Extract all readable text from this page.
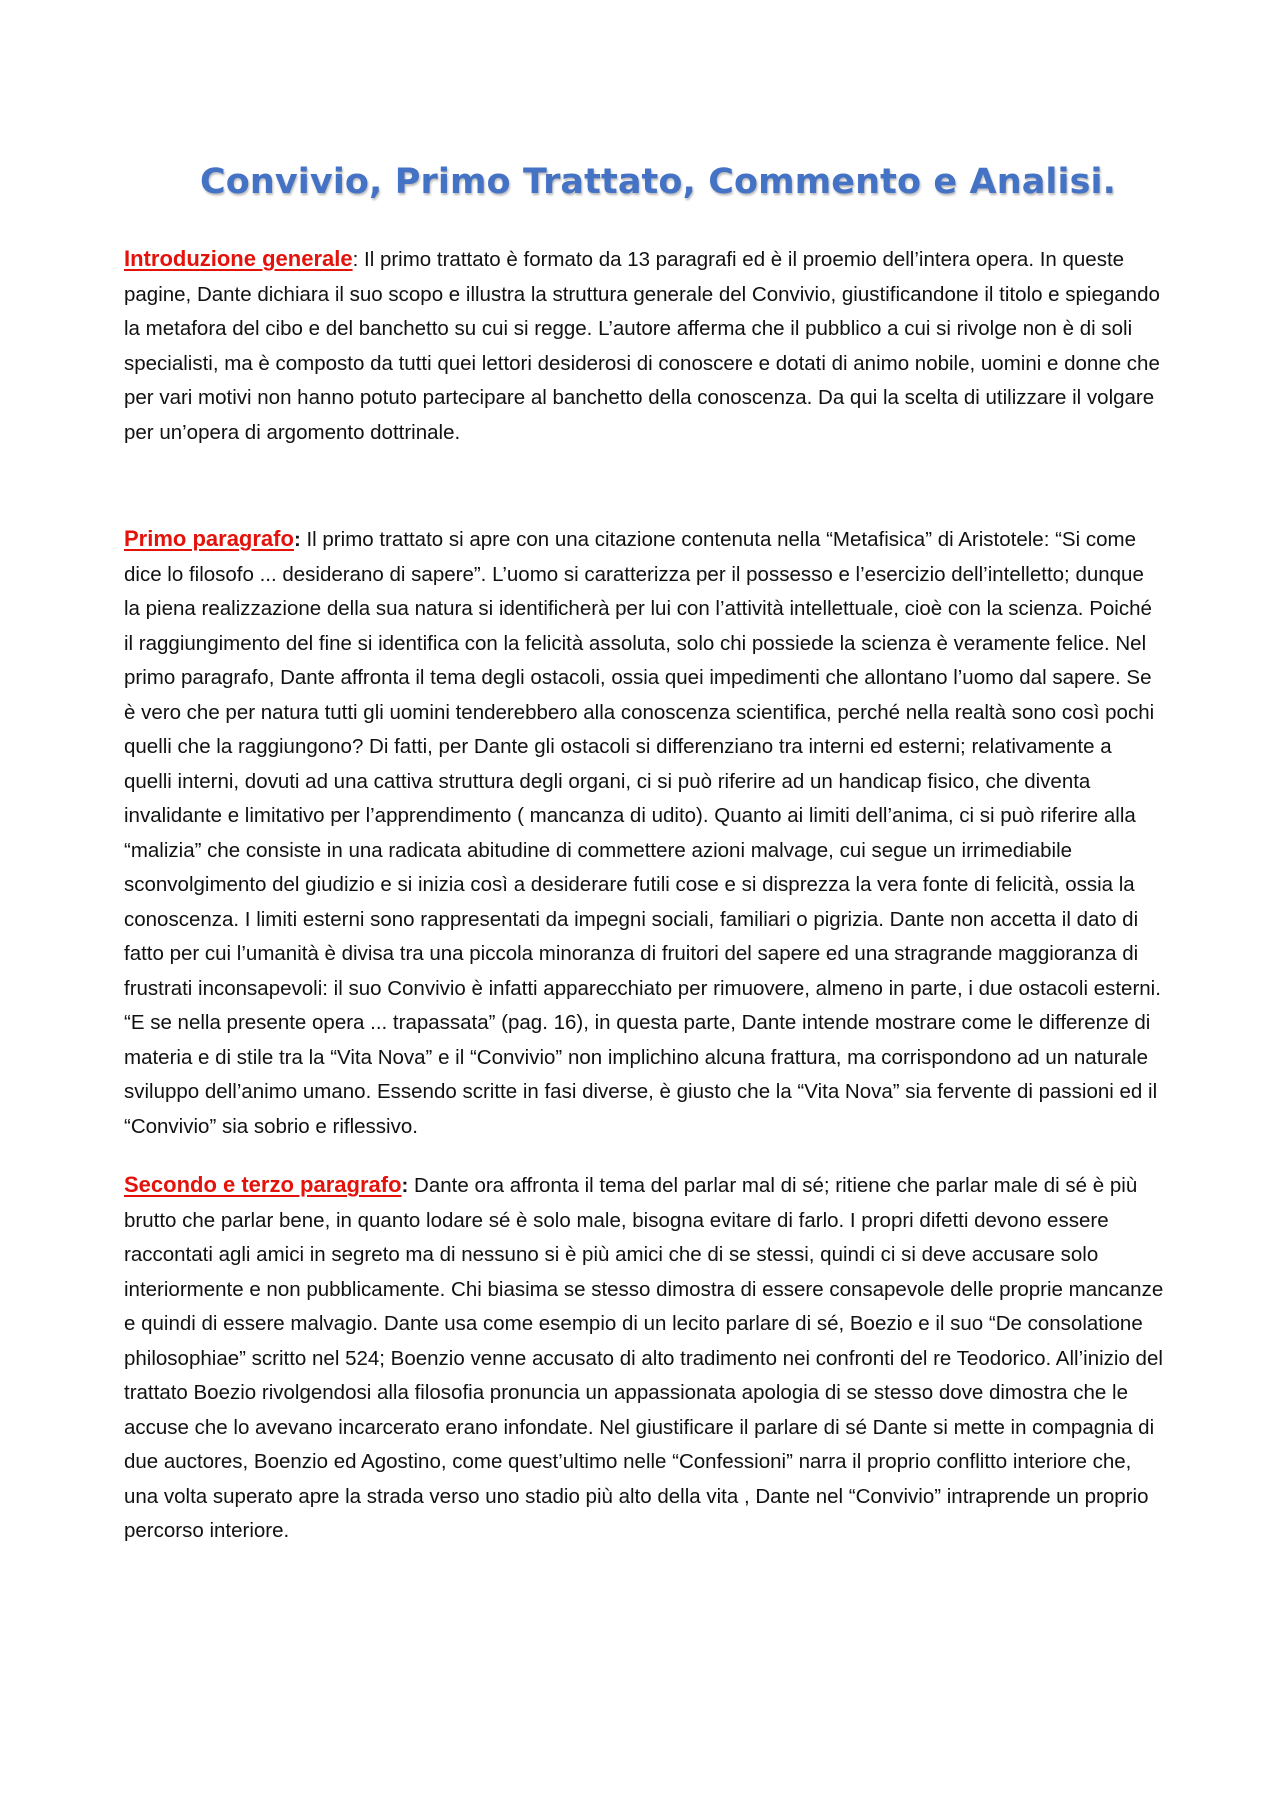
Convivio, Primo Trattato, Commento e Analisi.

Introduzione generale: Il primo trattato è formato da 13 paragrafi ed è il proemio dell’intera opera. In queste pagine, Dante dichiara il suo scopo e illustra la struttura generale del Convivio, giustificandone il titolo e spiegando la metafora del cibo e del banchetto su cui si regge. L’autore afferma che il pubblico a cui si rivolge non è di soli specialisti, ma è composto da tutti quei lettori desiderosi di conoscere e dotati di animo nobile, uomini e donne che per vari motivi non hanno potuto partecipare al banchetto della conoscenza. Da qui la scelta di utilizzare il volgare per un’opera di argomento dottrinale.

Primo paragrafo: Il primo trattato si apre con una citazione contenuta nella “Metafisica” di Aristotele: “Si come dice lo filosofo ... desiderano di sapere”. L’uomo si caratterizza per il possesso e l’esercizio dell’intelletto; dunque la piena realizzazione della sua natura si identificherà per lui con l’attività intellettuale, cioè con la scienza. Poiché il raggiungimento del fine si identifica con la felicità assoluta, solo chi possiede la scienza è veramente felice. Nel primo paragrafo, Dante affronta il tema degli ostacoli, ossia quei impedimenti che allontano l’uomo dal sapere. Se è vero che per natura tutti gli uomini tenderebbero alla conoscenza scientifica, perché nella realtà sono così pochi quelli che la raggiungono? Di fatti, per Dante gli ostacoli si differenziano tra interni ed esterni; relativamente a quelli interni, dovuti ad una cattiva struttura degli organi, ci si può riferire ad un handicap fisico, che diventa invalidante e limitativo per l’apprendimento ( mancanza di udito). Quanto ai limiti dell’anima, ci si può riferire alla “malizia” che consiste in una radicata abitudine di commettere azioni malvage, cui segue un irrimediabile sconvolgimento del giudizio e si inizia così a desiderare futili cose e si disprezza la vera fonte di felicità, ossia la conoscenza. I limiti esterni sono rappresentati da impegni sociali, familiari o pigrizia. Dante non accetta il dato di fatto per cui l’umanità è divisa tra una piccola minoranza di fruitori del sapere ed una stragrande maggioranza di frustrati inconsapevoli: il suo Convivio è infatti apparecchiato per rimuovere, almeno in parte, i due ostacoli esterni. “E se nella presente opera ... trapassata” (pag. 16), in questa parte, Dante intende mostrare come le differenze di materia e di stile tra la “Vita Nova” e il “Convivio” non implichino alcuna frattura, ma corrispondono ad un naturale sviluppo dell’animo umano. Essendo scritte in fasi diverse, è giusto che la “Vita Nova” sia fervente di passioni ed il “Convivio” sia sobrio e riflessivo.

Secondo e terzo paragrafo: Dante ora affronta il tema del parlar mal di sé; ritiene che parlar male di sé è più brutto che parlar bene, in quanto lodare sé è solo male, bisogna evitare di farlo. I propri difetti devono essere raccontati agli amici in segreto ma di nessuno si è più amici che di se stessi, quindi ci si deve accusare solo interiormente e non pubblicamente. Chi biasima se stesso dimostra di essere consapevole delle proprie mancanze e quindi di essere malvagio. Dante usa come esempio di un lecito parlare di sé, Boezio e il suo “De consolatione philosophiae” scritto nel 524; Boenzio venne accusato di alto tradimento nei confronti del re Teodorico. All’inizio del trattato Boezio rivolgendosi alla filosofia pronuncia un appassionata apologia di se stesso dove dimostra che le accuse che lo avevano incarcerato erano infondate. Nel giustificare il parlare di sé Dante si mette in compagnia di due auctores, Boenzio ed Agostino, come quest’ultimo nelle “Confessioni” narra il proprio conflitto interiore che, una volta superato apre la strada verso uno stadio più alto della vita , Dante nel “Convivio” intraprende un proprio percorso interiore.
